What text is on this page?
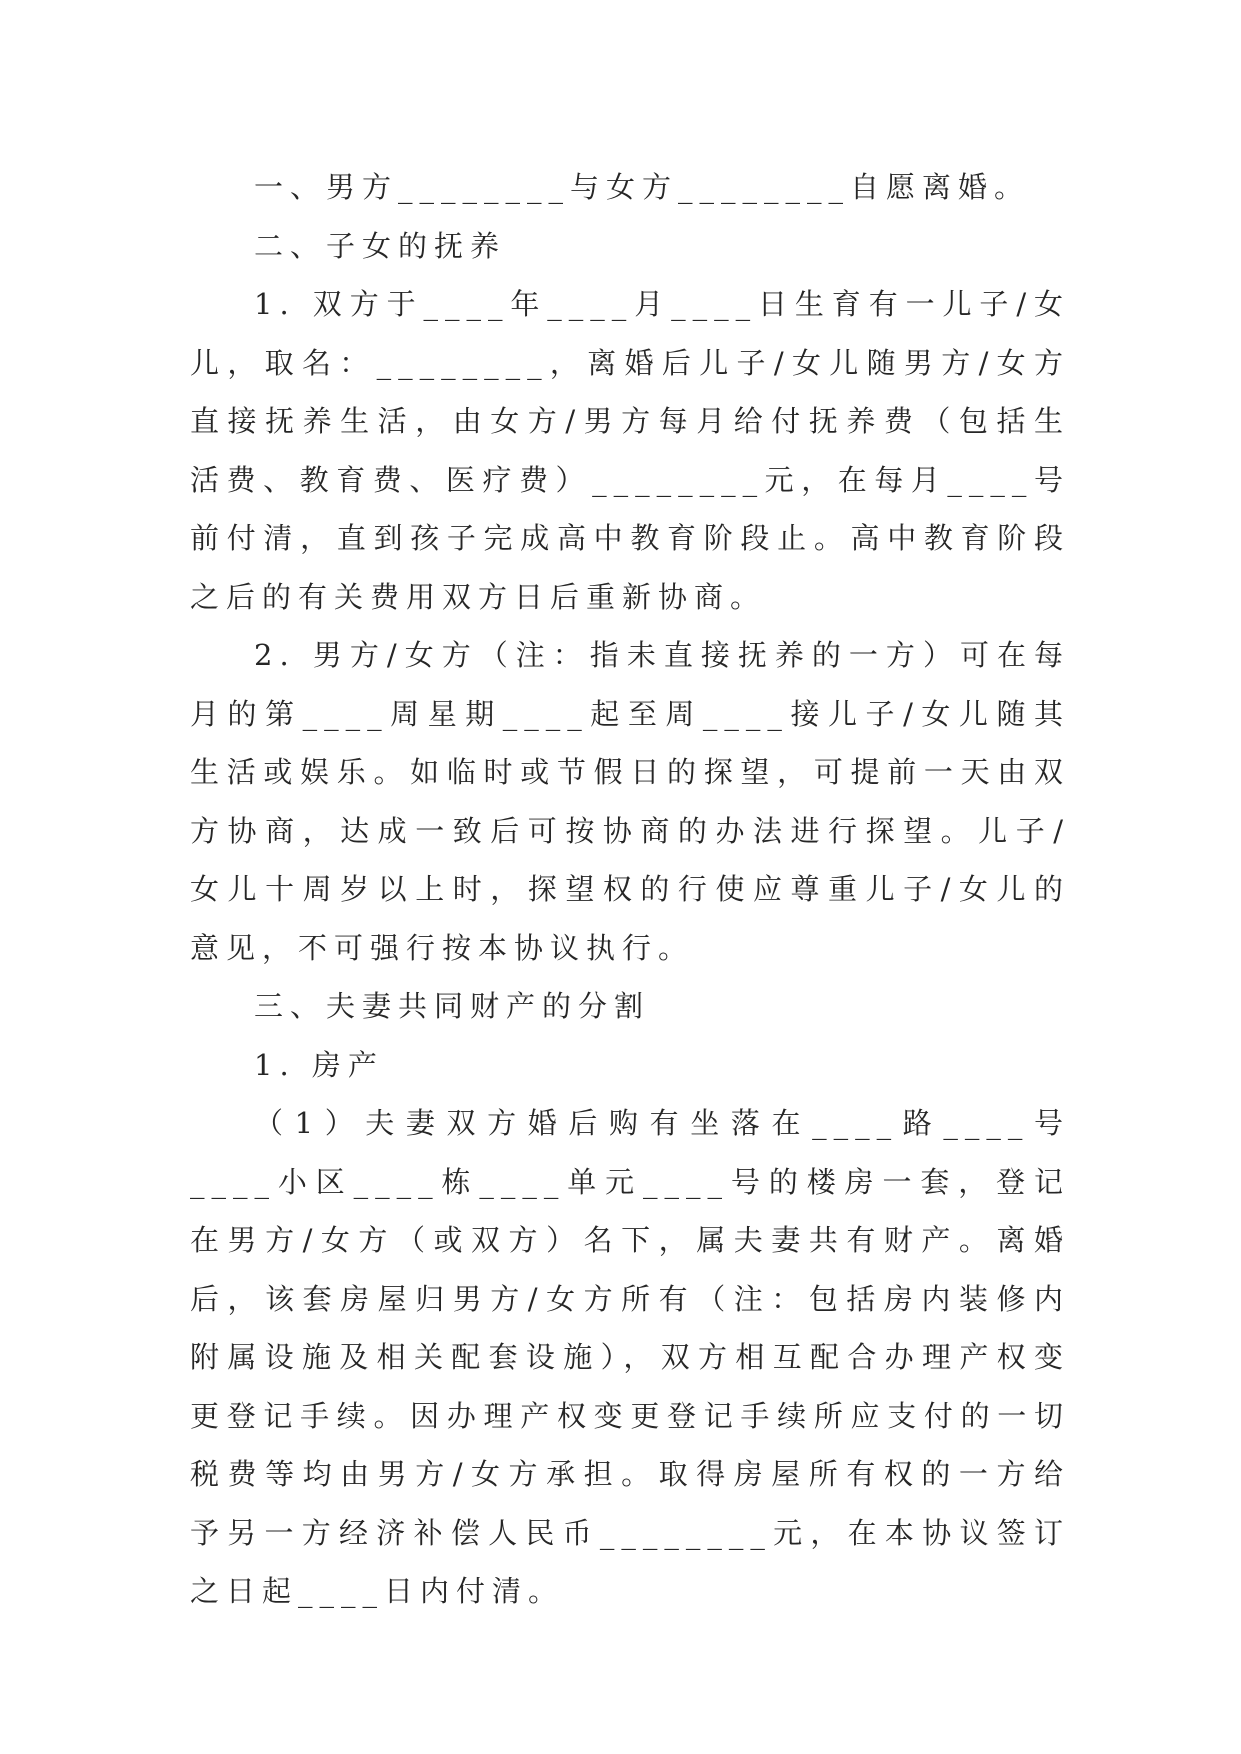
一、男方________与女方________自愿离婚。

二、子女的抚养

1. 双方于____年____月____日生育有一儿子/女儿，取名：________，离婚后儿子/女儿随男方/女方直接抚养生活，由女方/男方每月给付抚养费（包括生活费、教育费、医疗费）________元，在每月____号前付清，直到孩子完成高中教育阶段止。高中教育阶段之后的有关费用双方日后重新协商。

2. 男方/女方（注：指未直接抚养的一方）可在每月的第____周星期____起至周____接儿子/女儿随其生活或娱乐。如临时或节假日的探望，可提前一天由双方协商，达成一致后可按协商的办法进行探望。儿子/女儿十周岁以上时，探望权的行使应尊重儿子/女儿的意见，不可强行按本协议执行。

三、夫妻共同财产的分割

1. 房产

（1）夫妻双方婚后购有坐落在____路____号____小区____栋____单元____号的楼房一套，登记在男方/女方（或双方）名下，属夫妻共有财产。离婚后，该套房屋归男方/女方所有（注：包括房内装修内附属设施及相关配套设施），双方相互配合办理产权变更登记手续。因办理产权变更登记手续所应支付的一切税费等均由男方/女方承担。取得房屋所有权的一方给予另一方经济补偿人民币________元，在本协议签订之日起____日内付清。
